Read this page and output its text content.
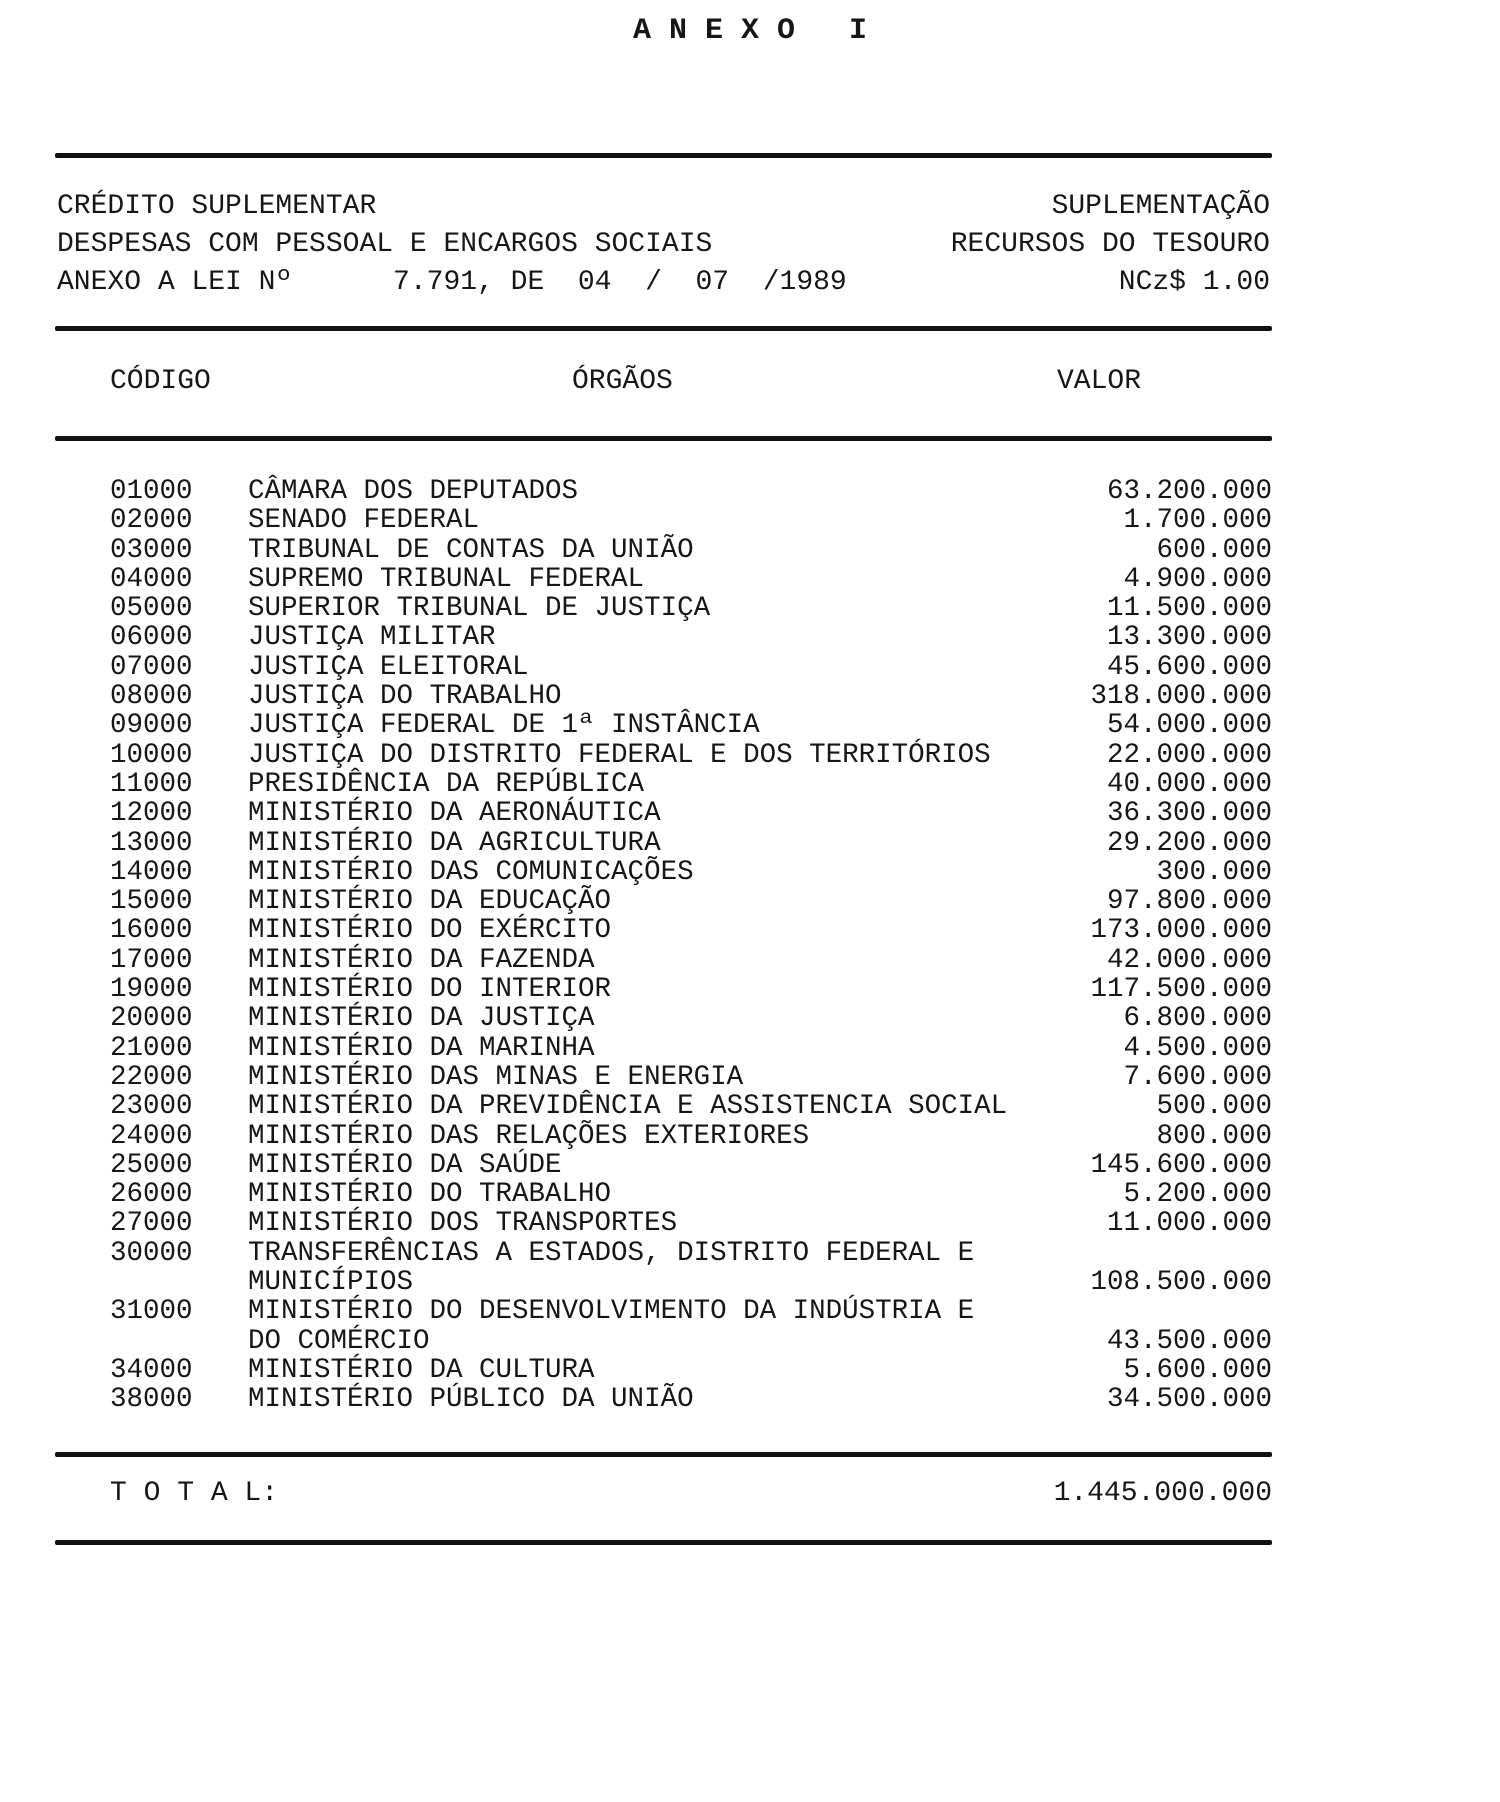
A N E X O   I
CRÉDITO SUPLEMENTAR
DESPESAS COM PESSOAL E ENCARGOS SOCIAIS
ANEXO A LEI Nº      7.791, DE  04  /  07  /1989
SUPLEMENTAÇÃO
RECURSOS DO TESOURO
NCz$ 1.00
CÓDIGO	ÓRGÃOS	VALOR
01000	CÂMARA DOS DEPUTADOS	63.200.000
02000	SENADO FEDERAL	1.700.000
03000	TRIBUNAL DE CONTAS DA UNIÃO	600.000
04000	SUPREMO TRIBUNAL FEDERAL	4.900.000
05000	SUPERIOR TRIBUNAL DE JUSTIÇA	11.500.000
06000	JUSTIÇA MILITAR	13.300.000
07000	JUSTIÇA ELEITORAL	45.600.000
08000	JUSTIÇA DO TRABALHO	318.000.000
09000	JUSTIÇA FEDERAL DE 1ª INSTÂNCIA	54.000.000
10000	JUSTIÇA DO DISTRITO FEDERAL E DOS TERRITÓRIOS	22.000.000
11000	PRESIDÊNCIA DA REPÚBLICA	40.000.000
12000	MINISTÉRIO DA AERONÁUTICA	36.300.000
13000	MINISTÉRIO DA AGRICULTURA	29.200.000
14000	MINISTÉRIO DAS COMUNICAÇÕES	300.000
15000	MINISTÉRIO DA EDUCAÇÃO	97.800.000
16000	MINISTÉRIO DO EXÉRCITO	173.000.000
17000	MINISTÉRIO DA FAZENDA	42.000.000
19000	MINISTÉRIO DO INTERIOR	117.500.000
20000	MINISTÉRIO DA JUSTIÇA	6.800.000
21000	MINISTÉRIO DA MARINHA	4.500.000
22000	MINISTÉRIO DAS MINAS E ENERGIA	7.600.000
23000	MINISTÉRIO DA PREVIDÊNCIA E ASSISTENCIA SOCIAL	500.000
24000	MINISTÉRIO DAS RELAÇÕES EXTERIORES	800.000
25000	MINISTÉRIO DA SAÚDE	145.600.000
26000	MINISTÉRIO DO TRABALHO	5.200.000
27000	MINISTÉRIO DOS TRANSPORTES	11.000.000
30000	TRANSFERÊNCIAS A ESTADOS, DISTRITO FEDERAL E
MUNICÍPIOS	108.500.000
31000	MINISTÉRIO DO DESENVOLVIMENTO DA INDÚSTRIA E
DO COMÉRCIO	43.500.000
34000	MINISTÉRIO DA CULTURA	5.600.000
38000	MINISTÉRIO PÚBLICO DA UNIÃO	34.500.000
T O T A L:	1.445.000.000
